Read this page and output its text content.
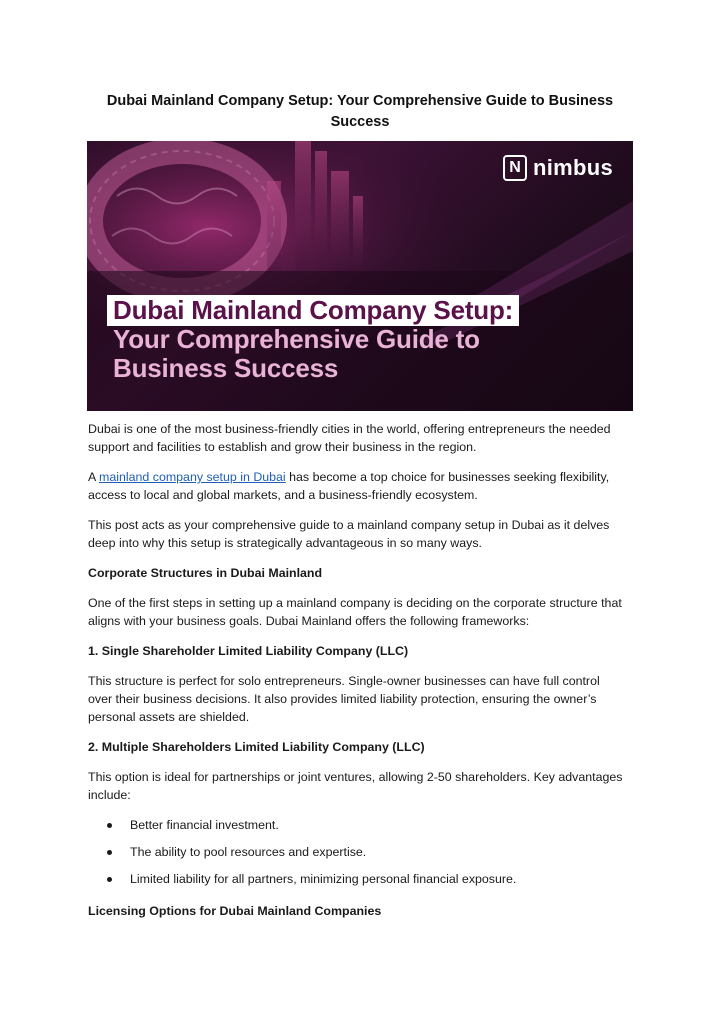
Dubai Mainland Company Setup: Your Comprehensive Guide to Business Success
N nimbus
Dubai Mainland Company Setup:
Your Comprehensive Guide to
Business Success

Dubai is one of the most business-friendly cities in the world, offering entrepreneurs the needed support and facilities to establish and grow their business in the region.

A mainland company setup in Dubai has become a top choice for businesses seeking flexibility, access to local and global markets, and a business-friendly ecosystem.

This post acts as your comprehensive guide to a mainland company setup in Dubai as it delves deep into why this setup is strategically advantageous in so many ways.

Corporate Structures in Dubai Mainland

One of the first steps in setting up a mainland company is deciding on the corporate structure that aligns with your business goals. Dubai Mainland offers the following frameworks:

1. Single Shareholder Limited Liability Company (LLC)

This structure is perfect for solo entrepreneurs. Single-owner businesses can have full control over their business decisions. It also provides limited liability protection, ensuring the owner’s personal assets are shielded.

2. Multiple Shareholders Limited Liability Company (LLC)

This option is ideal for partnerships or joint ventures, allowing 2-50 shareholders. Key advantages include:

Better financial investment.
The ability to pool resources and expertise.
Limited liability for all partners, minimizing personal financial exposure.
Licensing Options for Dubai Mainland Companies
